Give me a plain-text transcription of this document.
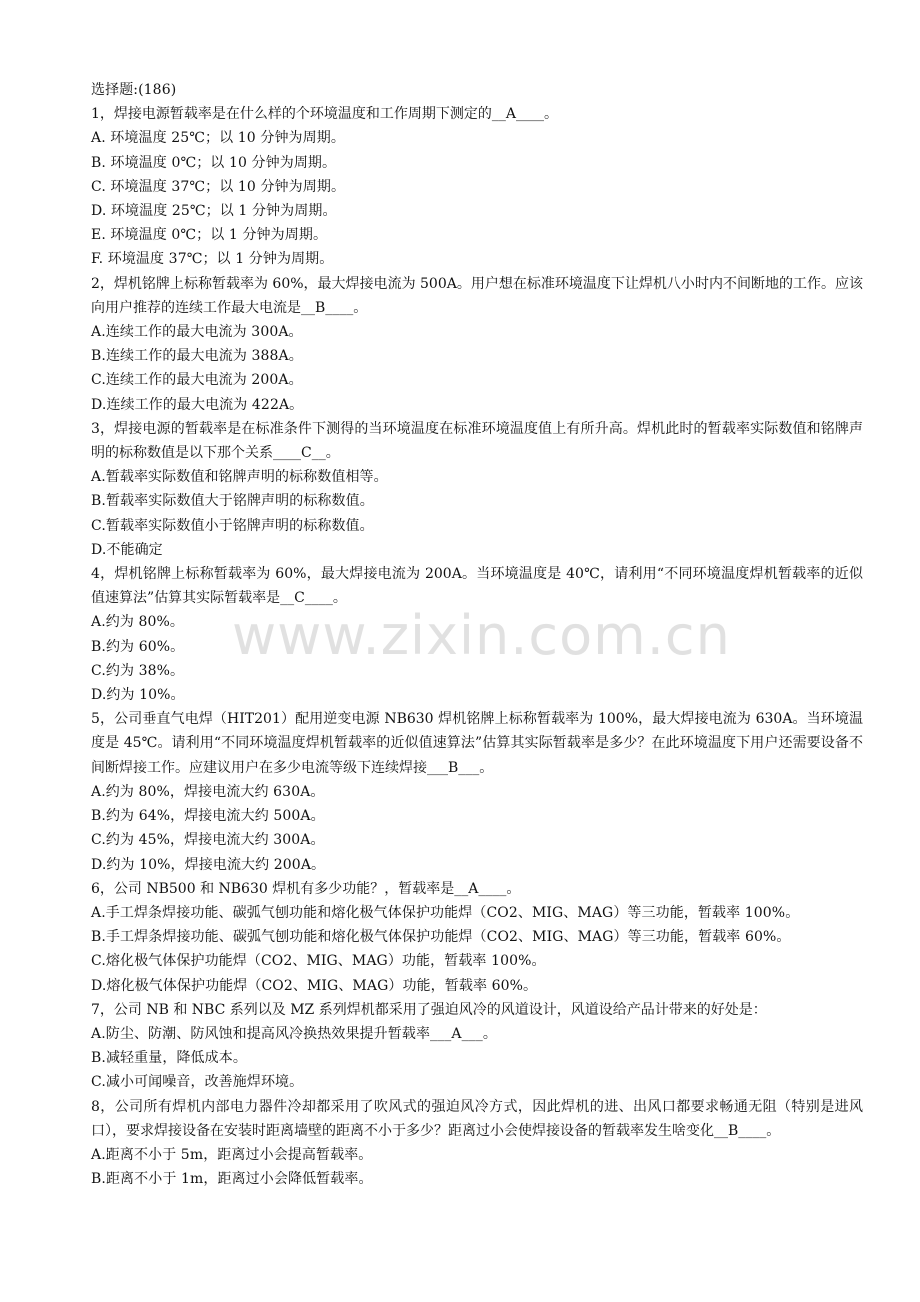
选择题:(186)
1，焊接电源暂载率是在什么样的个环境温度和工作周期下测定的__A____。
A. 环境温度 25℃；以 10 分钟为周期。
B. 环境温度 0℃；以 10 分钟为周期。
C. 环境温度 37℃；以 10 分钟为周期。
D. 环境温度 25℃；以 1 分钟为周期。
E. 环境温度 0℃；以 1 分钟为周期。
F. 环境温度 37℃；以 1 分钟为周期。
2，焊机铭牌上标称暂载率为 60%，最大焊接电流为 500A。用户想在标准环境温度下让焊机八小时内不间断地的工作。应该向用户推荐的连续工作最大电流是__B____。
A.连续工作的最大电流为 300A。
B.连续工作的最大电流为 388A。
C.连续工作的最大电流为 200A。
D.连续工作的最大电流为 422A。
3，焊接电源的暂载率是在标准条件下测得的当环境温度在标准环境温度值上有所升高。焊机此时的暂载率实际数值和铭牌声明的标称数值是以下那个关系____C__。
A.暂载率实际数值和铭牌声明的标称数值相等。
B.暂载率实际数值大于铭牌声明的标称数值。
C.暂载率实际数值小于铭牌声明的标称数值。
D.不能确定
4，焊机铭牌上标称暂载率为 60%，最大焊接电流为 200A。当环境温度是 40℃，请利用“不同环境温度焊机暂载率的近似值速算法”估算其实际暂载率是__C____。
A.约为 80%。
B.约为 60%。
C.约为 38%。
D.约为 10%。
5，公司垂直气电焊（HIT201）配用逆变电源 NB630 焊机铭牌上标称暂载率为 100%，最大焊接电流为 630A。当环境温度是 45℃。请利用“不同环境温度焊机暂载率的近似值速算法”估算其实际暂载率是多少？在此环境温度下用户还需要设备不间断焊接工作。应建议用户在多少电流等级下连续焊接___B___。
A.约为 80%，焊接电流大约 630A。
B.约为 64%，焊接电流大约 500A。
C.约为 45%，焊接电流大约 300A。
D.约为 10%，焊接电流大约 200A。
6，公司 NB500 和 NB630 焊机有多少功能？，暂载率是__A____。
A.手工焊条焊接功能、碳弧气刨功能和熔化极气体保护功能焊（CO2、MIG、MAG）等三功能，暂载率 100%。
B.手工焊条焊接功能、碳弧气刨功能和熔化极气体保护功能焊（CO2、MIG、MAG）等三功能，暂载率 60%。
C.熔化极气体保护功能焊（CO2、MIG、MAG）功能，暂载率 100%。
D.熔化极气体保护功能焊（CO2、MIG、MAG）功能，暂载率 60%。
7，公司 NB 和 NBC 系列以及 MZ 系列焊机都采用了强迫风冷的风道设计，风道设给产品计带来的好处是：
A.防尘、防潮、防风蚀和提高风冷换热效果提升暂载率___A___。
B.减轻重量，降低成本。
C.减小可闻噪音，改善施焊环境。
8，公司所有焊机内部电力器件冷却都采用了吹风式的强迫风冷方式，因此焊机的进、出风口都要求畅通无阻（特别是进风口），要求焊接设备在安装时距离墙壁的距离不小于多少？距离过小会使焊接设备的暂载率发生啥变化__B____。
A.距离不小于 5m，距离过小会提高暂载率。
B.距离不小于 1m，距离过小会降低暂载率。
www.zixin.com.cn
